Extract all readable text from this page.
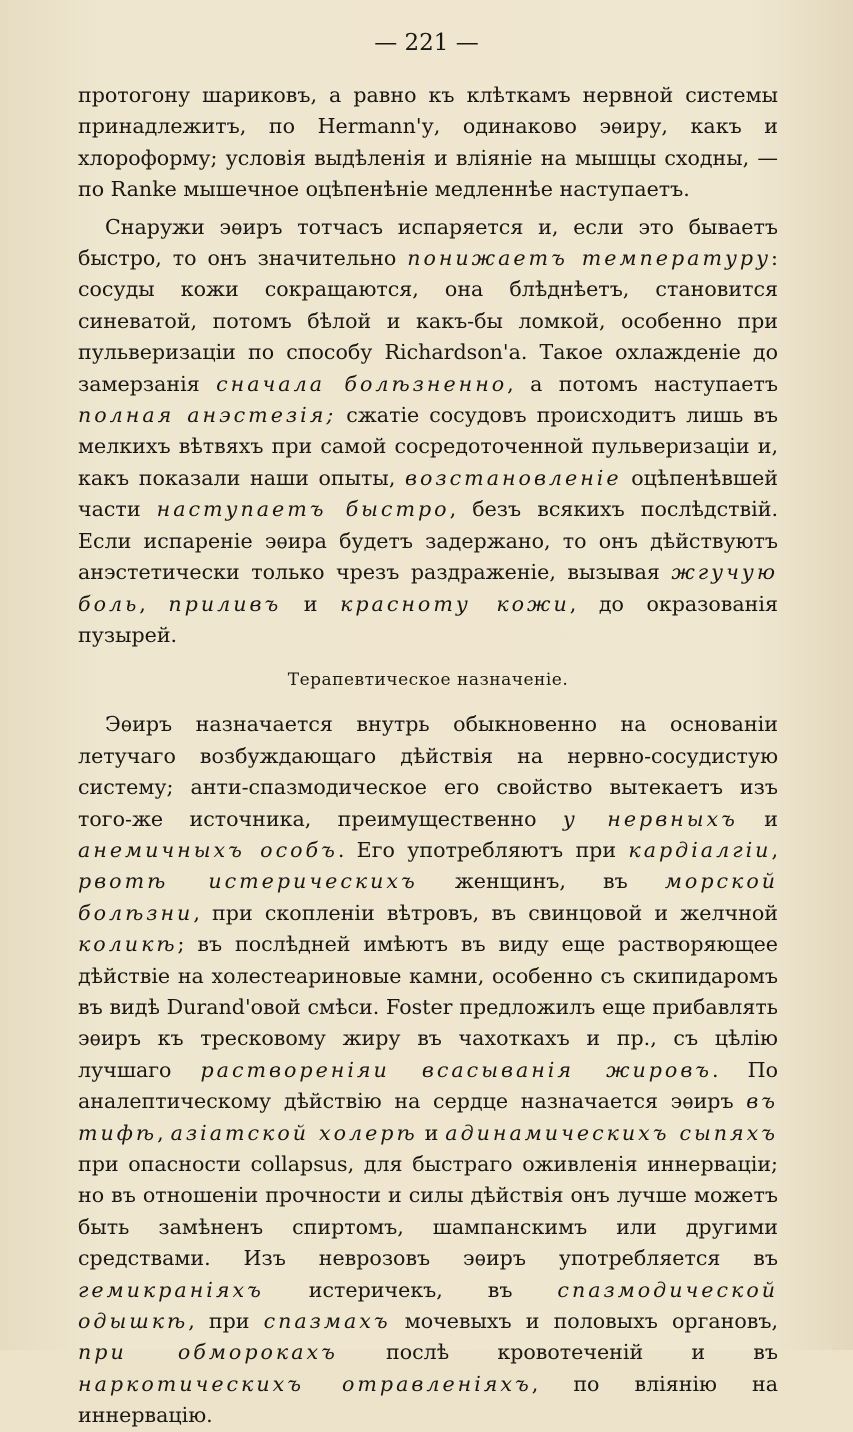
— 221 —

протогону шариковъ, а равно къ клѣткамъ нервной системы принадлежитъ, по Hermann'у, одинаково эѳиру, какъ и хлороформу; условія выдѣленія и вліяніе на мышцы сходны, — по Ranke мышечное оцѣпенѣніе медленнѣе наступаетъ.

Снаружи эѳиръ тотчасъ испаряется и, если это бываетъ быстро, то онъ значительно понижаетъ температуру: сосуды кожи сокращаются, она блѣднѣетъ, становится синеватой, потомъ бѣлой и какъ-бы ломкой, особенно при пульверизаціи по способу Richardson'a. Такое охлажденіе до замерзанія сначала болѣзненно, а потомъ наступаетъ полная анэстезія; сжатіе сосудовъ происходитъ лишь въ мелкихъ вѣтвяхъ при самой сосредоточенной пульверизаціи и, какъ показали наши опыты, возстановленіе оцѣпенѣвшей части наступаетъ быстро, безъ всякихъ послѣдствій. Если испареніе эѳира будетъ задержано, то онъ дѣйствуютъ анэстетически только чрезъ раздраженіе, вызывая жгучую боль, приливъ и красноту кожи, до окразованія пузырей.

Терапевтическое назначеніе.

Эѳиръ назначается внутрь обыкновенно на основаніи летучаго возбуждающаго дѣйствія на нервно-сосудистую систему; анти-спазмодическое его свойство вытекаетъ изъ того-же источника, преимущественно у нервныхъ и анемичныхъ особъ. Его употребляютъ при кардіалгіи, рвотѣ истерическихъ женщинъ, въ морской болѣзни, при скопленіи вѣтровъ, въ свинцовой и желчной коликѣ; въ послѣдней имѣютъ въ виду еще растворяющее дѣйствіе на холестеариновые камни, особенно съ скипидаромъ въ видѣ Durand'овой смѣси. Foster предложилъ еще прибавлять эѳиръ къ тресковому жиру въ чахоткахъ и пр., съ цѣлію лучшаго раствореніяи всасыванія жировъ. По аналептическому дѣйствію на сердце назначается эѳиръ въ тифѣ, азіатской холерѣ и адинамическихъ сыпяхъ при опасности collapsus, для быстраго оживленія иннерваціи; но въ отношеніи прочности и силы дѣйствія онъ лучше можетъ быть замѣненъ спиртомъ, шампанскимъ или другими средствами. Изъ неврозовъ эѳиръ употребляется въ гемикраніяхъ истеричекъ, въ спазмодической одышкѣ, при спазмахъ мочевыхъ и половыхъ органовъ, при обморокахъ послѣ кровотеченій и въ наркотическихъ отравленіяхъ, по вліянію на иннервацію.
